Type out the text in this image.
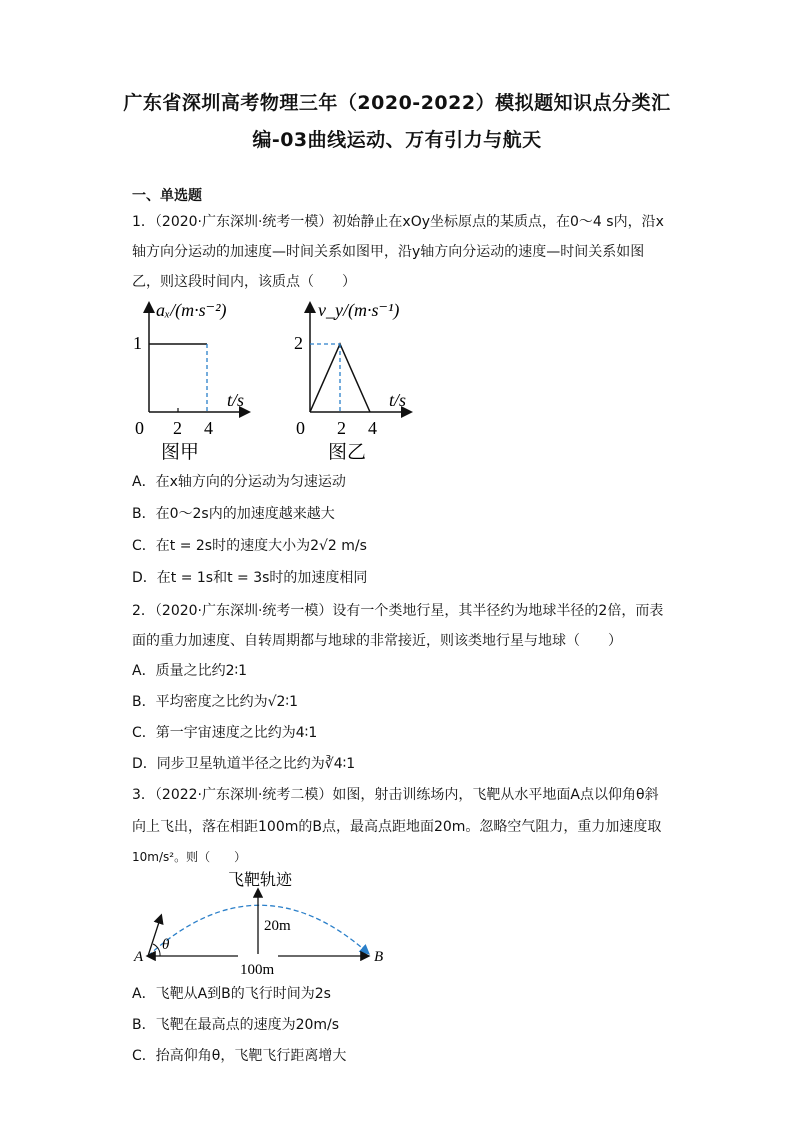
广东省深圳高考物理三年（2020-2022）模拟题知识点分类汇
编-03曲线运动、万有引力与航天
一、单选题
1．（2020·广东深圳·统考一模）初始静止在xOy坐标原点的某质点，在0～4 s内，沿x
轴方向分运动的加速度—时间关系如图甲，沿y轴方向分运动的速度—时间关系如图
乙，则这段时间内，该质点（　　）
aₓ/(m·s⁻²)
1
t/s
0 2 4
图甲
v_y/(m·s⁻¹)
2
t/s
0 2 4
图乙
A．在x轴方向的分运动为匀速运动
B．在0～2s内的加速度越来越大
C．在t = 2s时的速度大小为2√2 m/s
D．在t = 1s和t = 3s时的加速度相同
2．（2020·广东深圳·统考一模）设有一个类地行星，其半径约为地球半径的2倍，而表
面的重力加速度、自转周期都与地球的非常接近，则该类地行星与地球（　　）
A．质量之比约2∶1
B．平均密度之比约为√2∶1
C．第一宇宙速度之比约为4∶1
D．同步卫星轨道半径之比约为∛4∶1
3．（2022·广东深圳·统考二模）如图，射击训练场内，飞靶从水平地面A点以仰角θ斜
向上飞出，落在相距100m的B点，最高点距地面20m。忽略空气阻力，重力加速度取
10m/s²。则（　　）
飞靶轨迹
20m
100m
θ
A	B
A．飞靶从A到B的飞行时间为2s
B．飞靶在最高点的速度为20m/s
C．抬高仰角θ，飞靶飞行距离增大
